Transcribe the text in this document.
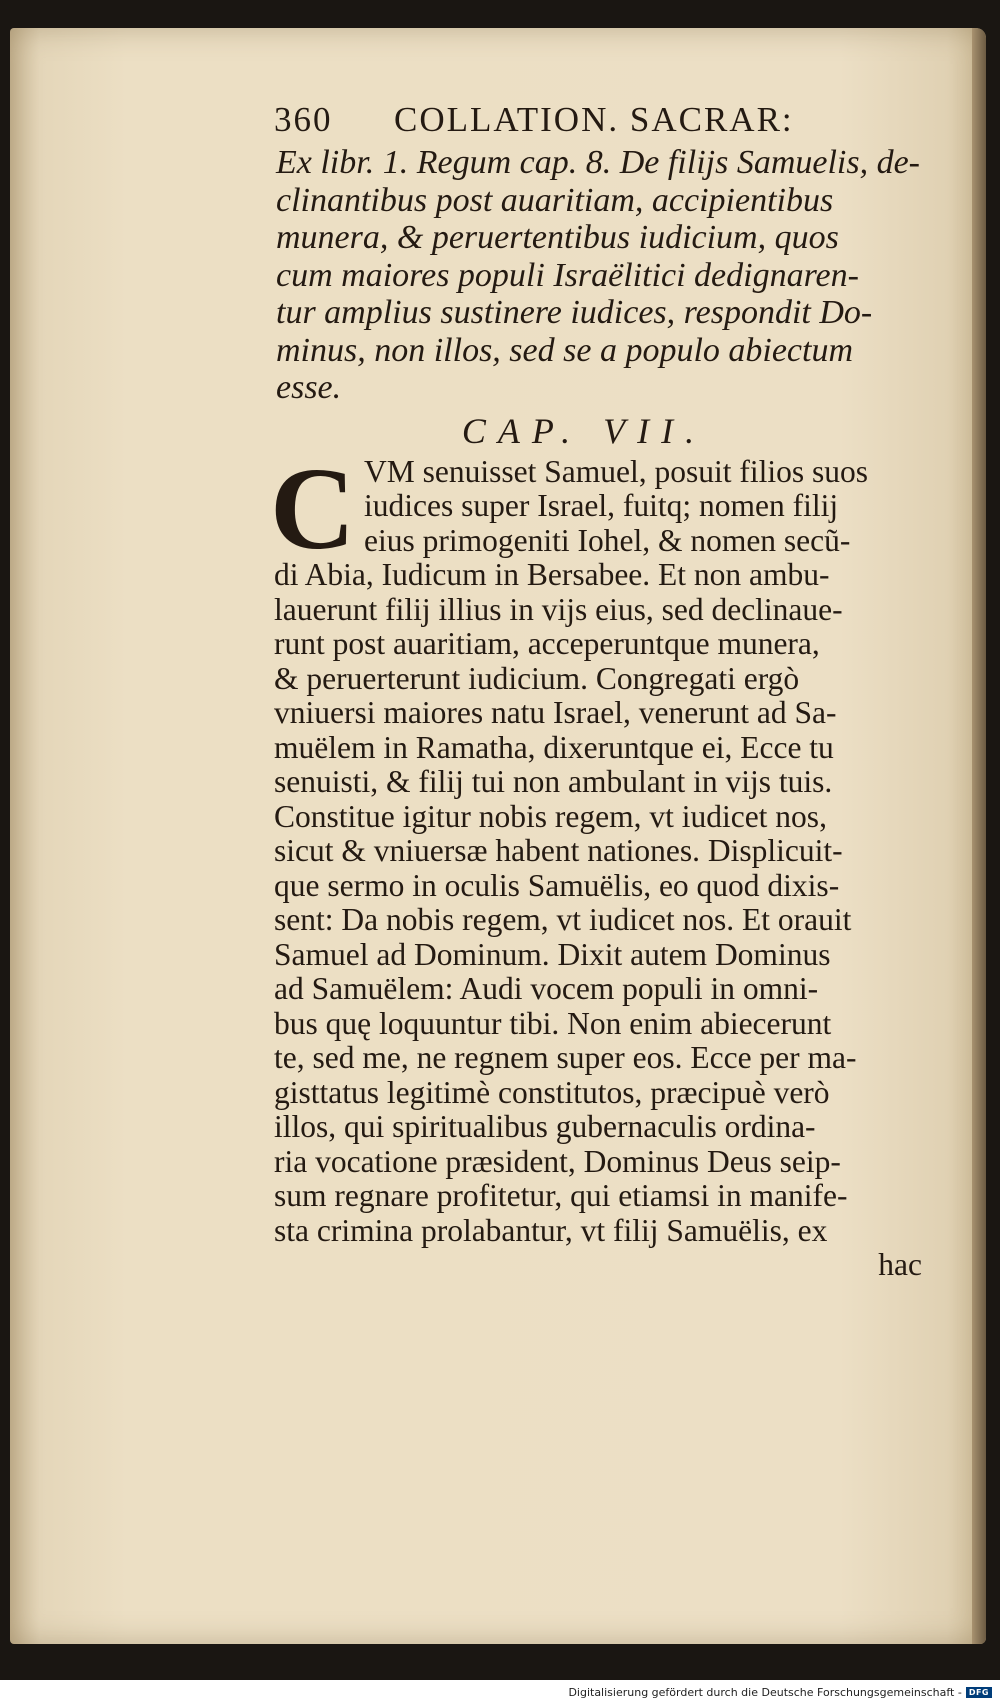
360 COLLATION. SACRAR:
Ex libr. 1. Regum cap. 8. De filijs Samuelis, de-
clinantibus post auaritiam, accipientibus
munera, & peruertentibus iudicium, quos
cum maiores populi Israëlitici dedignaren-
tur amplius sustinere iudices, respondit Do-
minus, non illos, sed se a populo abiectum
esse.
CAP. VII.
C VM senuisset Samuel, posuit filios suos
iudices super Israel, fuitq; nomen filij
eius primogeniti Iohel, & nomen secũ-
di Abia, Iudicum in Bersabee. Et non ambu-
lauerunt filij illius in vijs eius, sed declinaue-
runt post auaritiam, acceperuntque munera,
& peruerterunt iudicium. Congregati ergò
vniuersi maiores natu Israel, venerunt ad Sa-
muëlem in Ramatha, dixeruntque ei, Ecce tu
senuisti, & filij tui non ambulant in vijs tuis.
Constitue igitur nobis regem, vt iudicet nos,
sicut & vniuersæ habent nationes. Displicuit-
que sermo in oculis Samuëlis, eo quod dixis-
sent: Da nobis regem, vt iudicet nos. Et orauit
Samuel ad Dominum. Dixit autem Dominus
ad Samuëlem: Audi vocem populi in omni-
bus quę loquuntur tibi. Non enim abiecerunt
te, sed me, ne regnem super eos. Ecce per ma-
gisttatus legitimè constitutos, præcipuè verò
illos, qui spiritualibus gubernaculis ordina-
ria vocatione præsident, Dominus Deus seip-
sum regnare profitetur, qui etiamsi in manife-
sta crimina prolabantur, vt filij Samuëlis, ex
hac
Digitalisierung gefördert durch die Deutsche Forschungsgemeinschaft - DFG
